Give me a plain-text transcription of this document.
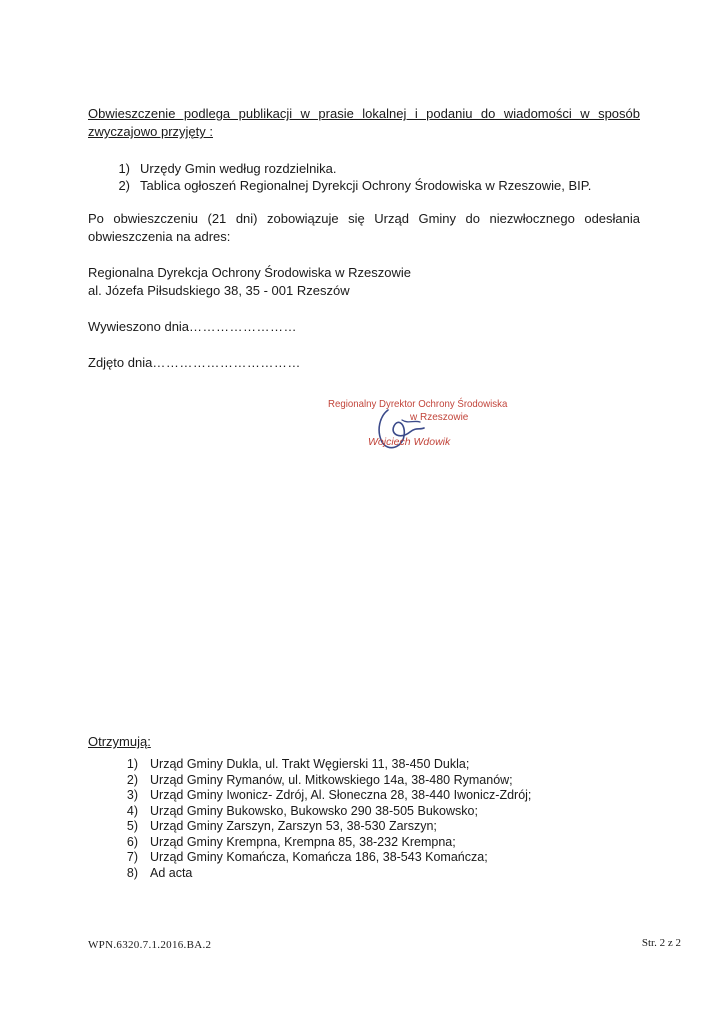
Obwieszczenie podlega publikacji w prasie lokalnej i podaniu do wiadomości w sposób
zwyczajowo przyjęty :
1) Urzędy Gmin według rozdzielnika.
2) Tablica ogłoszeń Regionalnej Dyrekcji Ochrony Środowiska w Rzeszowie, BIP.
Po obwieszczeniu (21 dni) zobowiązuje się Urząd Gminy do niezwłocznego odesłania
obwieszczenia na adres:
Regionalna Dyrekcja Ochrony Środowiska w Rzeszowie
al. Józefa Piłsudskiego 38, 35 - 001 Rzeszów
Wywieszono dnia……………………
Zdjęto dnia……………………………
Regionalny Dyrektor Ochrony Środowiska
w Rzeszowie
Wojciech Wdowik
Otrzymują:
1) Urząd Gminy Dukla, ul. Trakt Węgierski 11, 38-450 Dukla;
2) Urząd Gminy Rymanów, ul. Mitkowskiego 14a, 38-480 Rymanów;
3) Urząd Gminy Iwonicz- Zdrój, Al. Słoneczna 28, 38-440 Iwonicz-Zdrój;
4) Urząd Gminy Bukowsko, Bukowsko 290 38-505 Bukowsko;
5) Urząd Gminy Zarszyn, Zarszyn 53, 38-530 Zarszyn;
6) Urząd Gminy Krempna, Krempna 85, 38-232 Krempna;
7) Urząd Gminy Komańcza, Komańcza 186, 38-543 Komańcza;
8) Ad acta
WPN.6320.7.1.2016.BA.2	Str. 2 z 2
